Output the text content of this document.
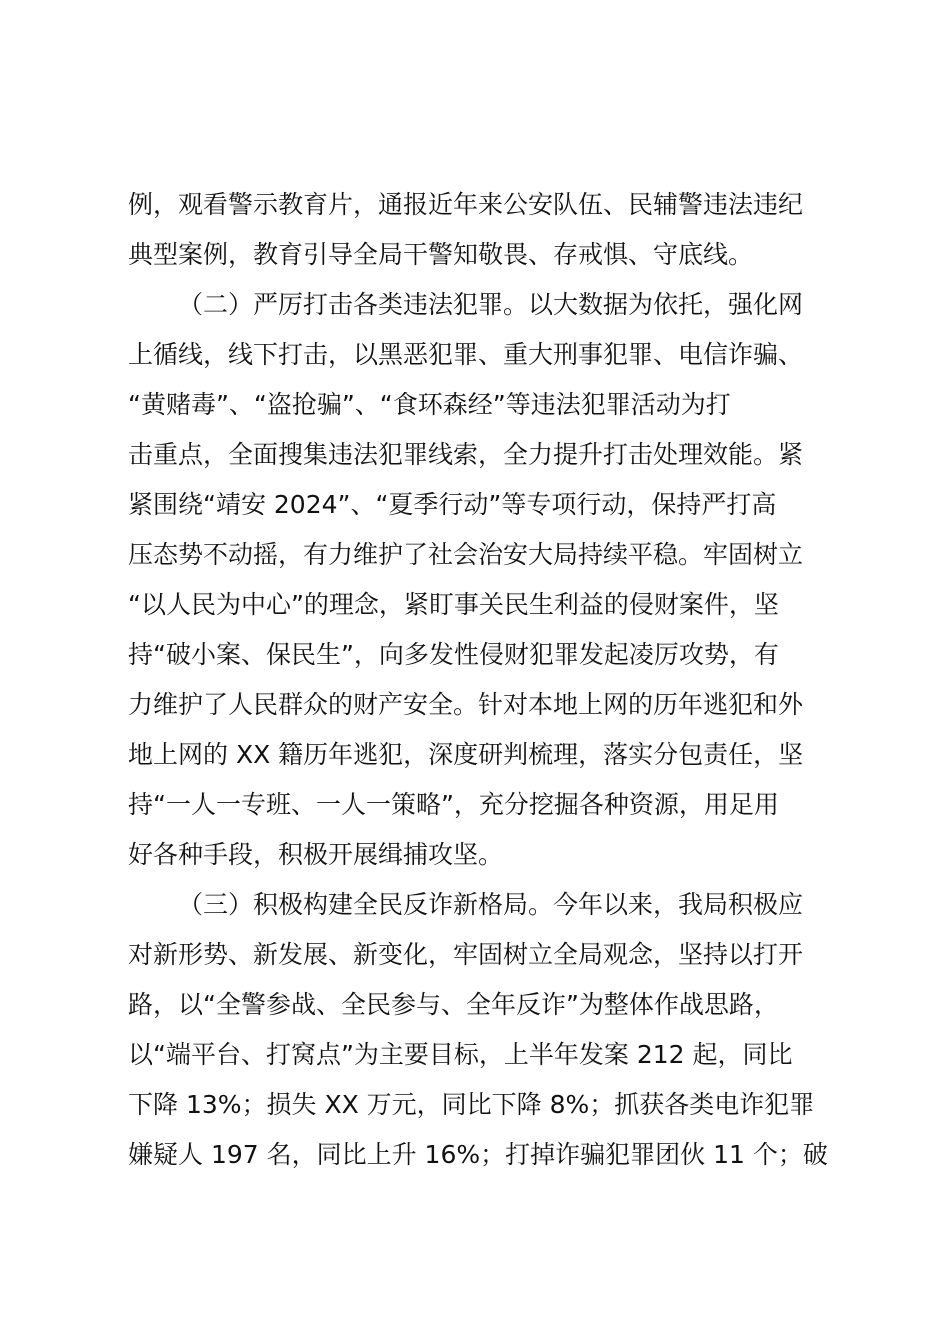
例，观看警示教育片，通报近年来公安队伍、民辅警违法违纪
典型案例，教育引导全局干警知敬畏、存戒惧、守底线。
（二）严厉打击各类违法犯罪。以大数据为依托，强化网
上循线，线下打击，以黑恶犯罪、重大刑事犯罪、电信诈骗、
“黄赌毒”、“盗抢骗”、“食环森经”等违法犯罪活动为打
击重点，全面搜集违法犯罪线索，全力提升打击处理效能。紧
紧围绕“靖安 2024”、“夏季行动”等专项行动，保持严打高
压态势不动摇，有力维护了社会治安大局持续平稳。牢固树立
“以人民为中心”的理念，紧盯事关民生利益的侵财案件，坚
持“破小案、保民生”，向多发性侵财犯罪发起凌厉攻势，有
力维护了人民群众的财产安全。针对本地上网的历年逃犯和外
地上网的 XX 籍历年逃犯，深度研判梳理，落实分包责任，坚
持“一人一专班、一人一策略”，充分挖掘各种资源，用足用
好各种手段，积极开展缉捕攻坚。
（三）积极构建全民反诈新格局。今年以来，我局积极应
对新形势、新发展、新变化，牢固树立全局观念，坚持以打开
路，以“全警参战、全民参与、全年反诈”为整体作战思路，
以“端平台、打窝点”为主要目标，上半年发案 212 起，同比
下降 13%；损失 XX 万元，同比下降 8%；抓获各类电诈犯罪
嫌疑人 197 名，同比上升 16%；打掉诈骗犯罪团伙 11 个；破
